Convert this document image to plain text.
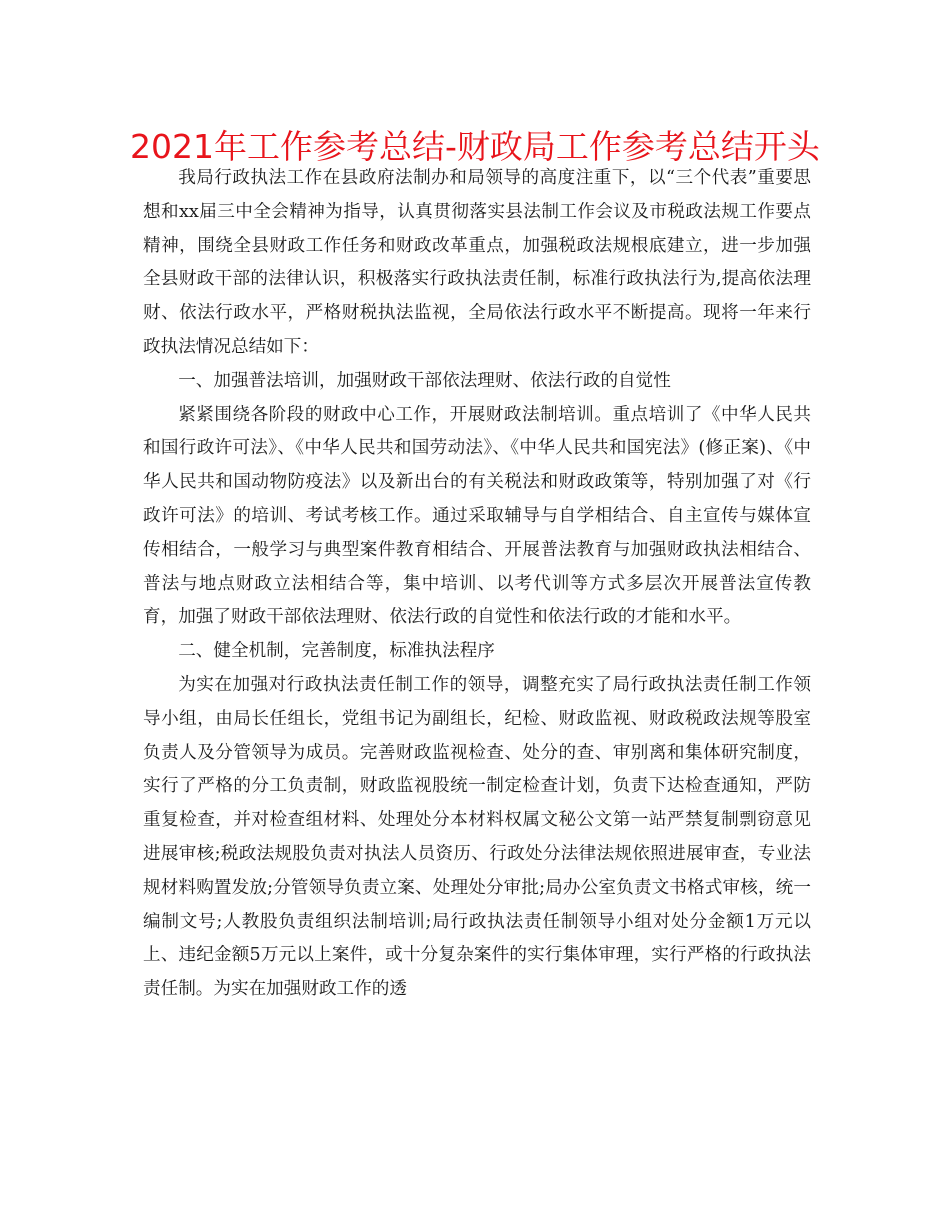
2021年工作参考总结-财政局工作参考总结开头

我局行政执法工作在县政府法制办和局领导的高度注重下，以“三个代表”重要思想和xx届三中全会精神为指导，认真贯彻落实县法制工作会议及市税政法规工作要点精神，围绕全县财政工作任务和财政改革重点，加强税政法规根底建立，进一步加强全县财政干部的法律认识，积极落实行政执法责任制，标准行政执法行为,提高依法理财、依法行政水平，严格财税执法监视，全局依法行政水平不断提高。现将一年来行政执法情况总结如下：

一、加强普法培训，加强财政干部依法理财、依法行政的自觉性

紧紧围绕各阶段的财政中心工作，开展财政法制培训。重点培训了《中华人民共和国行政许可法》、《中华人民共和国劳动法》、《中华人民共和国宪法》(修正案)、《中华人民共和国动物防疫法》以及新出台的有关税法和财政政策等，特别加强了对《行政许可法》的培训、考试考核工作。通过采取辅导与自学相结合、自主宣传与媒体宣传相结合，一般学习与典型案件教育相结合、开展普法教育与加强财政执法相结合、普法与地点财政立法相结合等，集中培训、以考代训等方式多层次开展普法宣传教育，加强了财政干部依法理财、依法行政的自觉性和依法行政的才能和水平。

二、健全机制，完善制度，标准执法程序

为实在加强对行政执法责任制工作的领导，调整充实了局行政执法责任制工作领导小组，由局长任组长，党组书记为副组长，纪检、财政监视、财政税政法规等股室负责人及分管领导为成员。完善财政监视检查、处分的查、审别离和集体研究制度，实行了严格的分工负责制，财政监视股统一制定检查计划，负责下达检查通知，严防重复检查，并对检查组材料、处理处分本材料权属文秘公文第一站严禁复制剽窃意见进展审核;税政法规股负责对执法人员资历、行政处分法律法规依照进展审查，专业法规材料购置发放;分管领导负责立案、处理处分审批;局办公室负责文书格式审核，统一编制文号;人教股负责组织法制培训;局行政执法责任制领导小组对处分金额1万元以上、违纪金额5万元以上案件，或十分复杂案件的实行集体审理，实行严格的行政执法责任制。为实在加强财政工作的透
